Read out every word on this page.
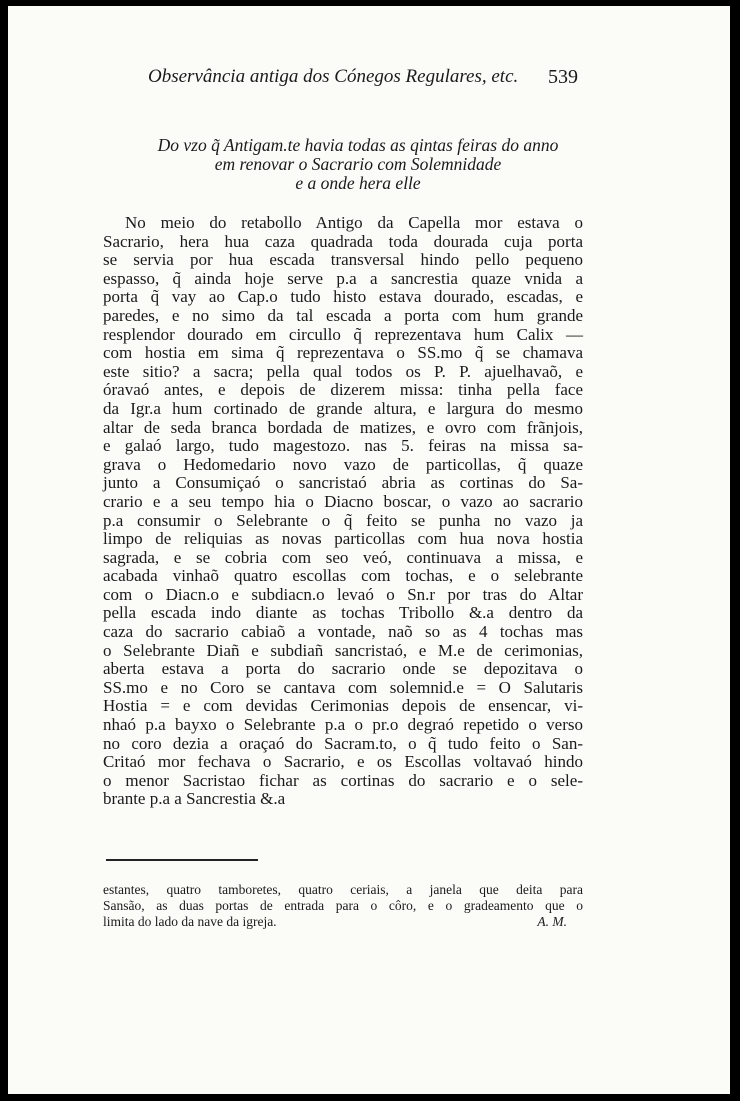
Observância antiga dos Cónegos Regulares, etc.	539
Do vzo q̃ Antigam.te havia todas as qintas feiras do anno
em renovar o Sacrario com Solemnidade
e a onde hera elle
No meio do retabollo Antigo da Capella mor estava o
Sacrario, hera hua caza quadrada toda dourada cuja porta
se servia por hua escada transversal hindo pello pequeno
espasso, q̃ ainda hoje serve p.a a sancrestia quaze vnida a
porta q̃ vay ao Cap.o tudo histo estava dourado, escadas, e
paredes, e no simo da tal escada a porta com hum grande
resplendor dourado em circullo q̃ reprezentava hum Calix —
com hostia em sima q̃ reprezentava o SS.mo q̃ se chamava
este sitio? a sacra; pella qual todos os P. P. ajuelhavaõ, e
óravaó antes, e depois de dizerem missa: tinha pella face
da Igr.a hum cortinado de grande altura, e largura do mesmo
altar de seda branca bordada de matizes, e ovro com frãnjois,
e galaó largo, tudo magestozo. nas 5. feiras na missa sa-
grava o Hedomedario novo vazo de particollas, q̃ quaze
junto a Consumiçaó o sancristaó abria as cortinas do Sa-
crario e a seu tempo hia o Diacno boscar, o vazo ao sacrario
p.a consumir o Selebrante o q̃ feito se punha no vazo ja
limpo de reliquias as novas particollas com hua nova hostia
sagrada, e se cobria com seo veó, continuava a missa, e
acabada vinhaõ quatro escollas com tochas, e o selebrante
com o Diacn.o e subdiacn.o levaó o Sn.r por tras do Altar
pella escada indo diante as tochas Tribollo &.a dentro da
caza do sacrario cabiaõ a vontade, naõ so as 4 tochas mas
o Selebrante Diañ e subdiañ sancristaó, e M.e de cerimonias,
aberta estava a porta do sacrario onde se depozitava o
SS.mo e no Coro se cantava com solemnid.e = O Salutaris
Hostia = e com devidas Cerimonias depois de ensencar, vi-
nhaó p.a bayxo o Selebrante p.a o pr.o degraó repetido o verso
no coro dezia a oraçaó do Sacram.to, o q̃ tudo feito o San-
Critaó mor fechava o Sacrario, e os Escollas voltavaó hindo
o menor Sacristao fichar as cortinas do sacrario e o sele-
brante p.a a Sancrestia &.a
estantes, quatro tamboretes, quatro ceriais, a janela que deita para
Sansão, as duas portas de entrada para o côro, e o gradeamento que o
limita do lado da nave da igreja.	A. M.
